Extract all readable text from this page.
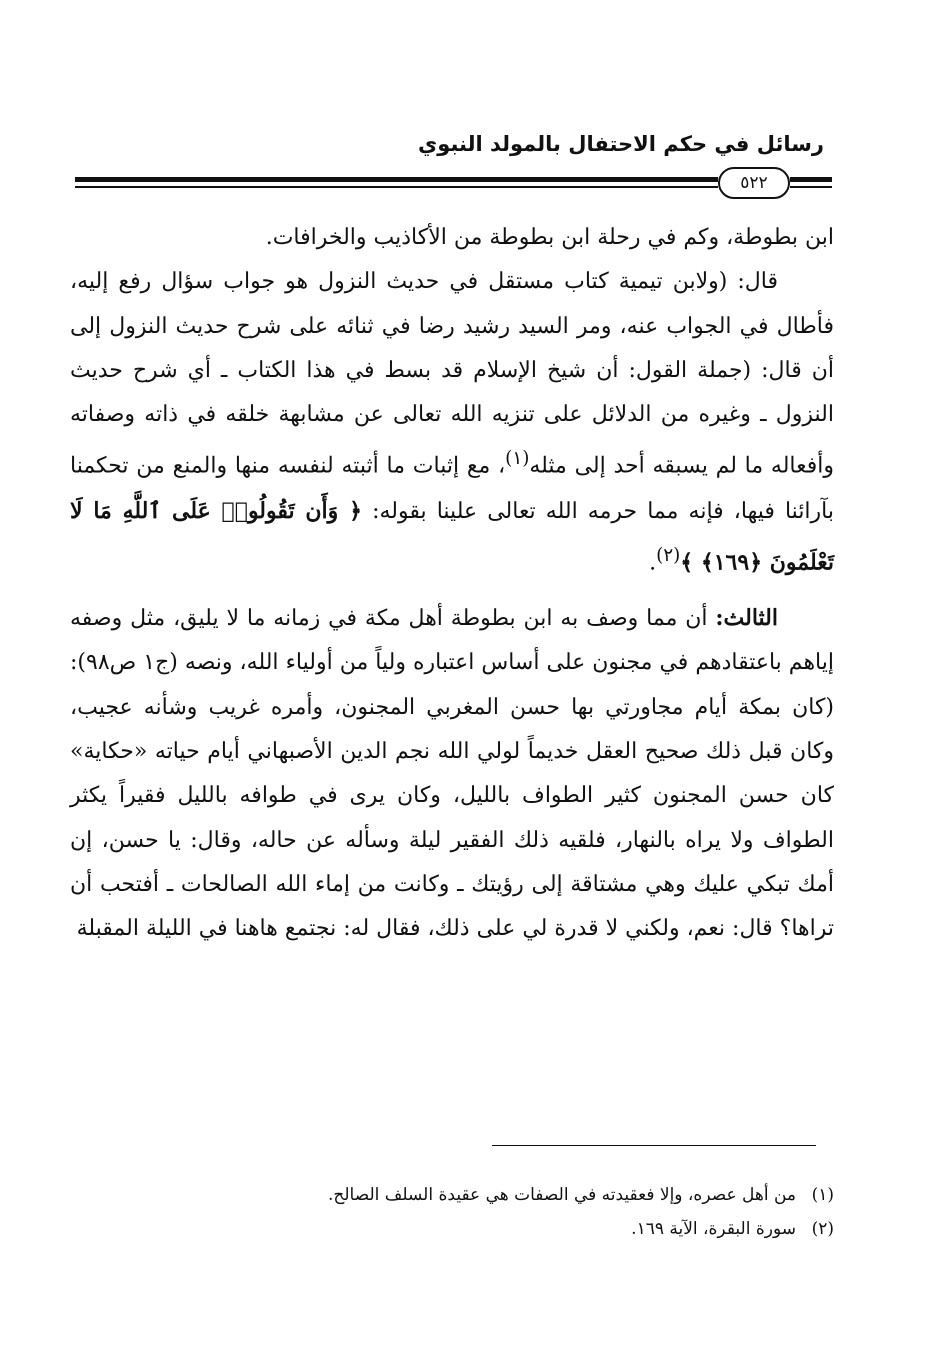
رسائل في حكم الاحتفال بالمولد النبوي
٥٢٢

ابن بطوطة، وكم في رحلة ابن بطوطة من الأكاذيب والخرافات.

قال: (ولابن تيمية كتاب مستقل في حديث النزول هو جواب سؤال رفع إليه، فأطال في الجواب عنه، ومر السيد رشيد رضا في ثنائه على شرح حديث النزول إلى أن قال: (جملة القول: أن شيخ الإسلام قد بسط في هذا الكتاب ـ أي شرح حديث النزول ـ وغيره من الدلائل على تنزيه الله تعالى عن مشابهة خلقه في ذاته وصفاته وأفعاله ما لم يسبقه أحد إلى مثله$^{(١)}$، مع إثبات ما أثبته لنفسه منها والمنع من تحكمنا بآرائنا فيها، فإنه مما حرمه الله تعالى علينا بقوله: ﴿ وَأَن تَقُولُوا۟ عَلَى ٱللَّهِ مَا لَا تَعْلَمُونَ ﴿١٦٩﴾ ﴾$^{(٢)}$.

الثالث: أن مما وصف به ابن بطوطة أهل مكة في زمانه ما لا يليق، مثل وصفه إياهم باعتقادهم في مجنون على أساس اعتباره ولياً من أولياء الله، ونصه (ج١ ص٩٨): (كان بمكة أيام مجاورتي بها حسن المغربي المجنون، وأمره غريب وشأنه عجيب، وكان قبل ذلك صحيح العقل خديماً لولي الله نجم الدين الأصبهاني أيام حياته «حكاية» كان حسن المجنون كثير الطواف بالليل، وكان يرى في طوافه بالليل فقيراً يكثر الطواف ولا يراه بالنهار، فلقيه ذلك الفقير ليلة وسأله عن حاله، وقال: يا حسن، إن أمك تبكي عليك وهي مشتاقة إلى رؤيتك ـ وكانت من إماء الله الصالحات ـ أفتحب أن تراها؟ قال: نعم، ولكني لا قدرة لي على ذلك، فقال له: نجتمع هاهنا في الليلة المقبلة

(١)من أهل عصره، وإلا فعقيدته في الصفات هي عقيدة السلف الصالح.

(٢)سورة البقرة، الآية ١٦٩.
